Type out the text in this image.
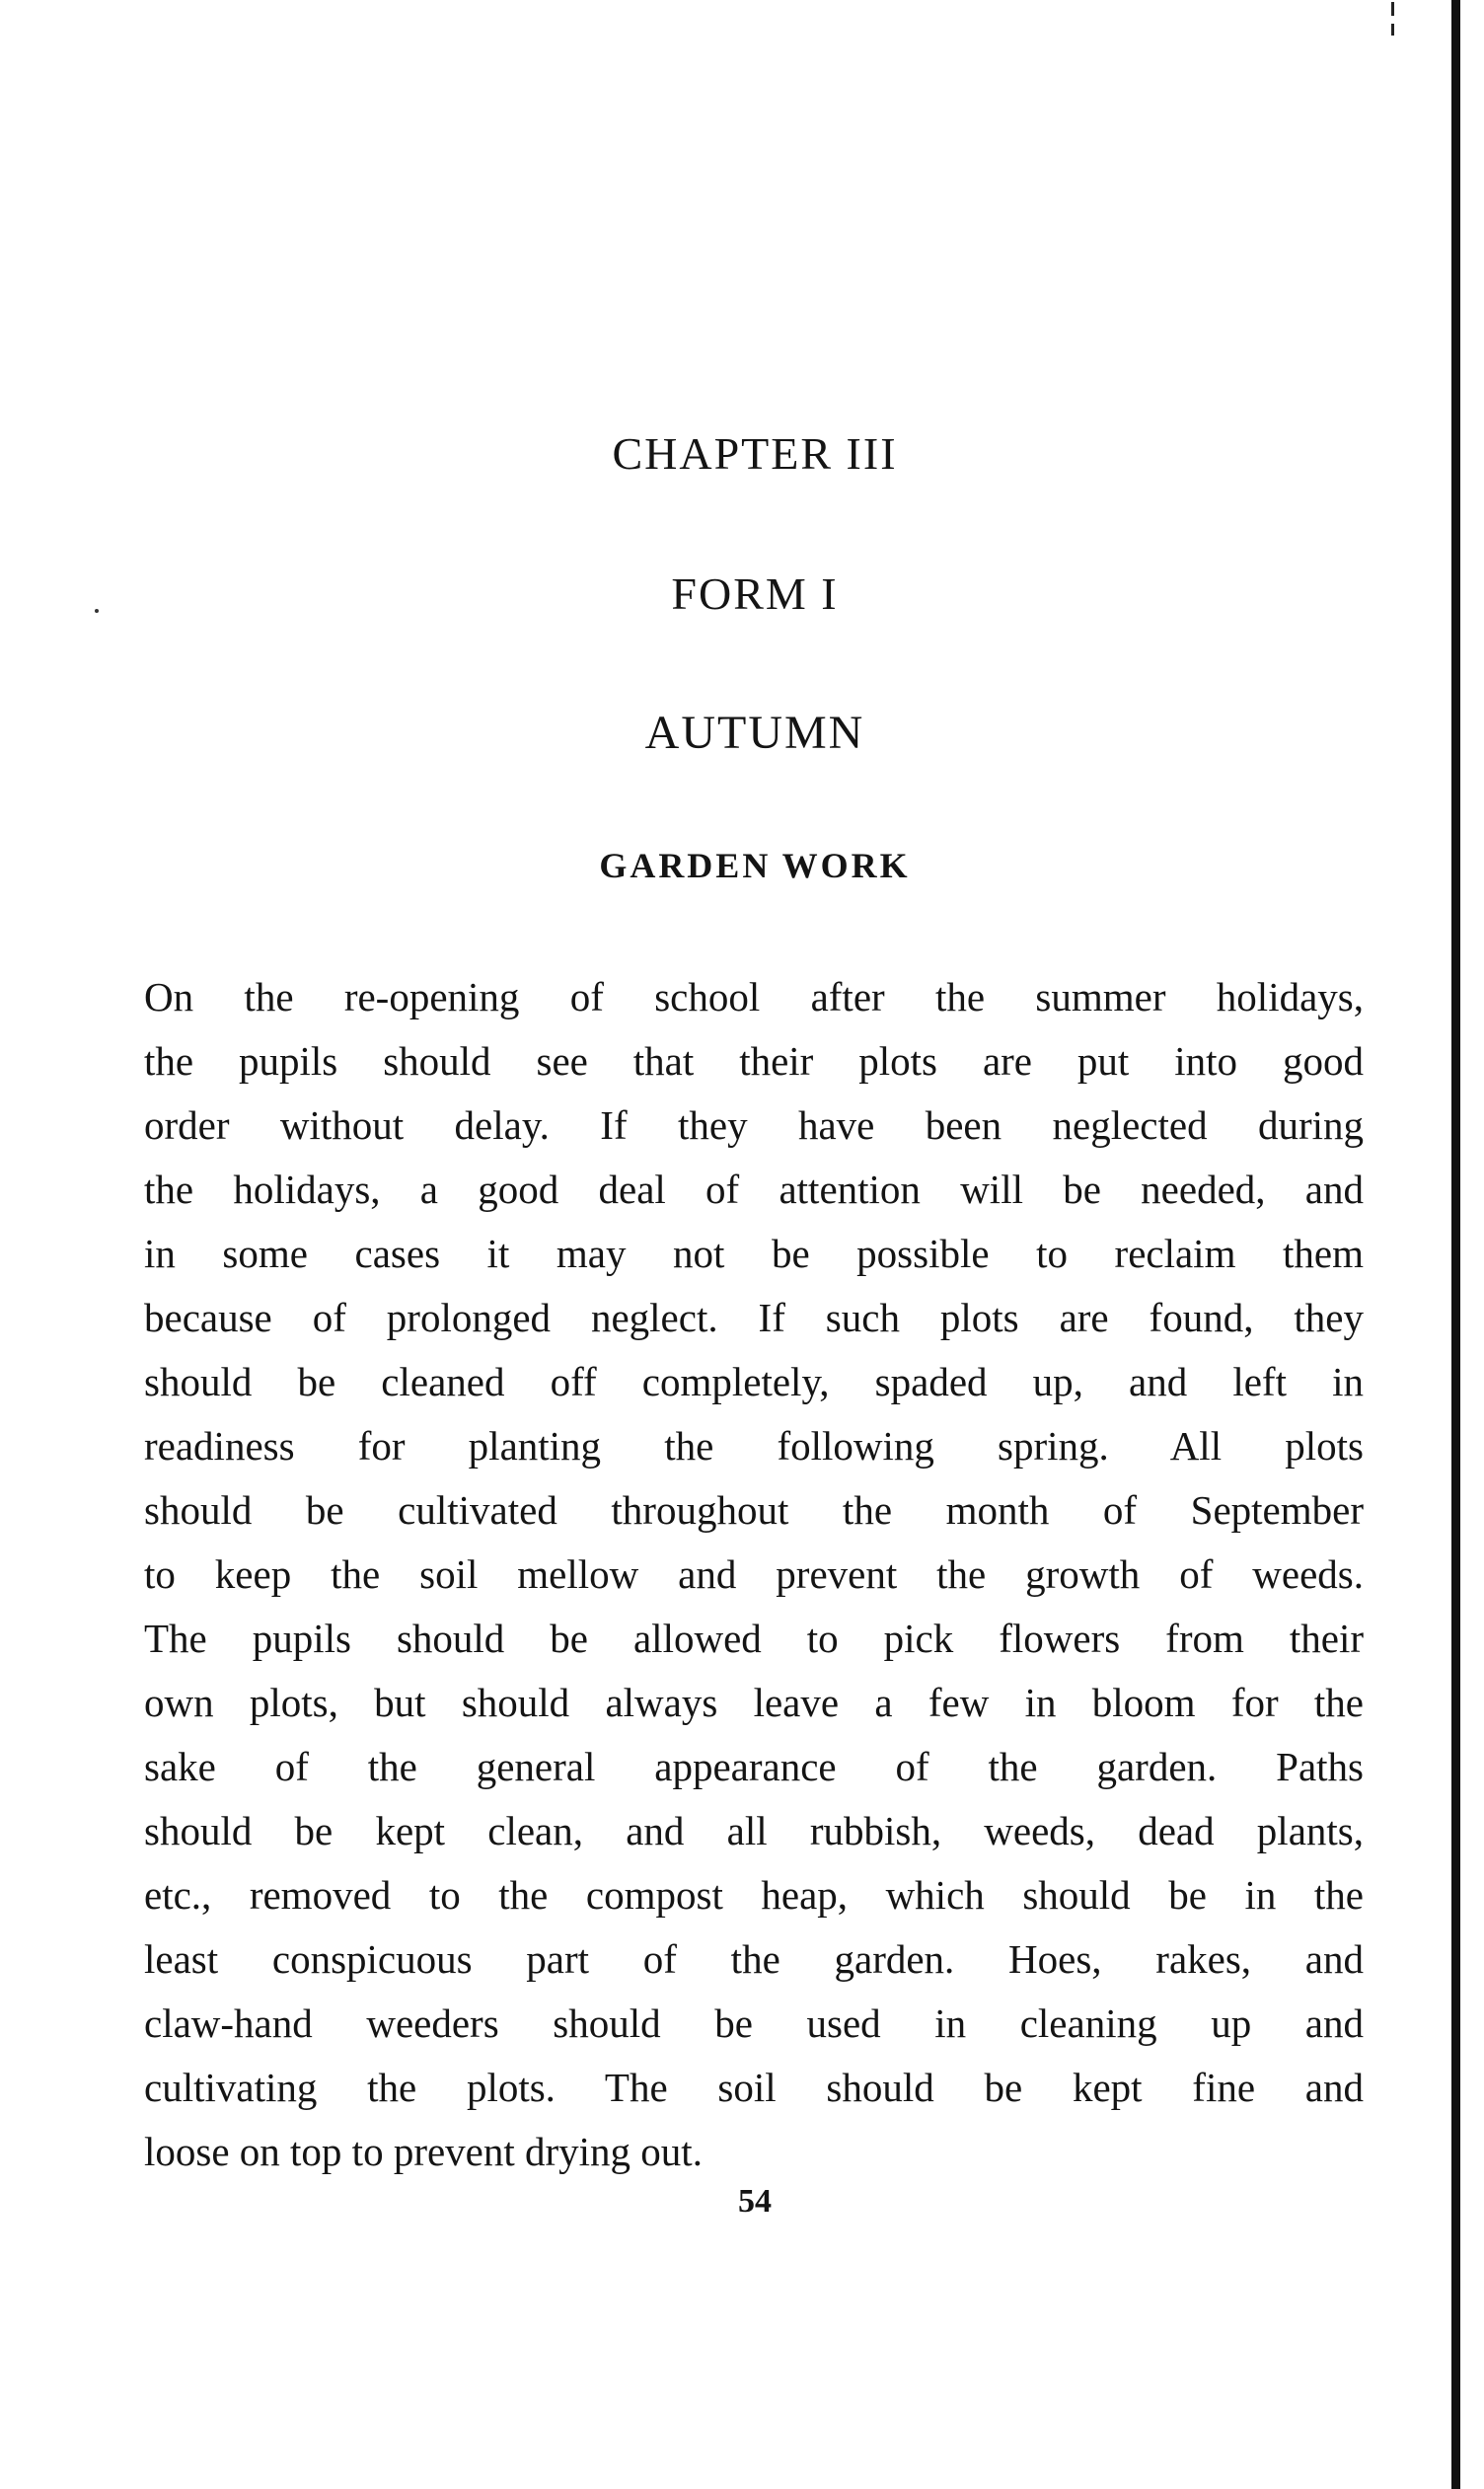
CHAPTER III
FORM I
AUTUMN
GARDEN WORK
On the re-opening of school after the summer holidays,
the pupils should see that their plots are put into good
order without delay. If they have been neglected during
the holidays, a good deal of attention will be needed, and
in some cases it may not be possible to reclaim them
because of prolonged neglect. If such plots are found, they
should be cleaned off completely, spaded up, and left in
readiness for planting the following spring. All plots
should be cultivated throughout the month of September
to keep the soil mellow and prevent the growth of weeds.
The pupils should be allowed to pick flowers from their
own plots, but should always leave a few in bloom for the
sake of the general appearance of the garden. Paths
should be kept clean, and all rubbish, weeds, dead plants,
etc., removed to the compost heap, which should be in the
least conspicuous part of the garden. Hoes, rakes, and
claw-hand weeders should be used in cleaning up and
cultivating the plots. The soil should be kept fine and
loose on top to prevent drying out.
54
